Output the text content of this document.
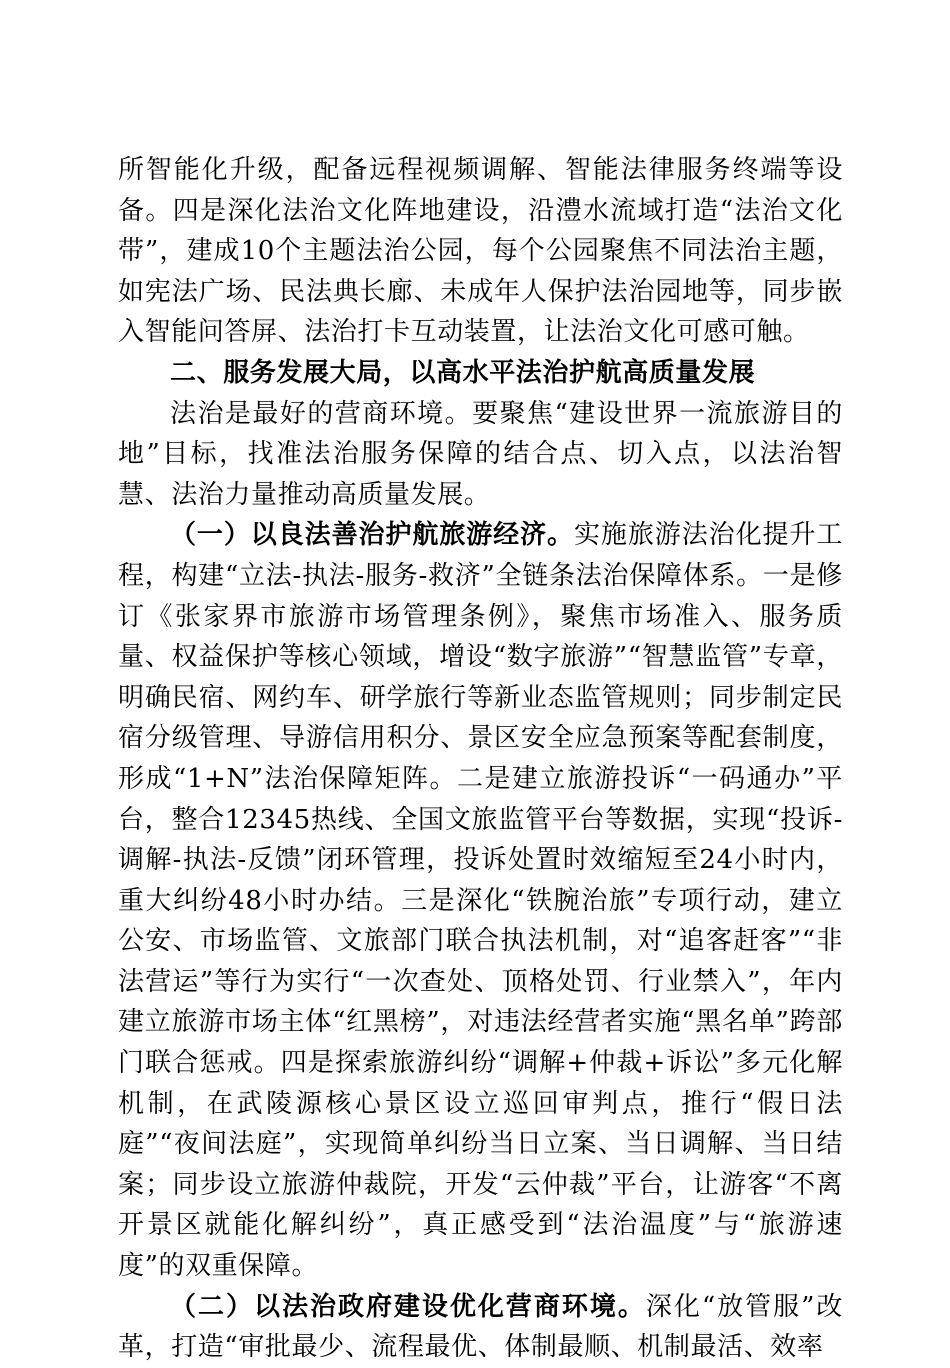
所智能化升级，配备远程视频调解、智能法律服务终端等设备。四是深化法治文化阵地建设，沿澧水流域打造“法治文化带”，建成10个主题法治公园，每个公园聚焦不同法治主题，如宪法广场、民法典长廊、未成年人保护法治园地等，同步嵌入智能问答屏、法治打卡互动装置，让法治文化可感可触。

二、服务发展大局，以高水平法治护航高质量发展

法治是最好的营商环境。要聚焦“建设世界一流旅游目的地”目标，找准法治服务保障的结合点、切入点，以法治智慧、法治力量推动高质量发展。

（一）以良法善治护航旅游经济。实施旅游法治化提升工程，构建“立法-执法-服务-救济”全链条法治保障体系。一是修订《张家界市旅游市场管理条例》，聚焦市场准入、服务质量、权益保护等核心领域，增设“数字旅游”“智慧监管”专章，明确民宿、网约车、研学旅行等新业态监管规则；同步制定民宿分级管理、导游信用积分、景区安全应急预案等配套制度，形成“1+N”法治保障矩阵。二是建立旅游投诉“一码通办”平台，整合12345热线、全国文旅监管平台等数据，实现“投诉-调解-执法-反馈”闭环管理，投诉处置时效缩短至24小时内，重大纠纷48小时办结。三是深化“铁腕治旅”专项行动，建立公安、市场监管、文旅部门联合执法机制，对“追客赶客”“非法营运”等行为实行“一次查处、顶格处罚、行业禁入”，年内建立旅游市场主体“红黑榜”，对违法经营者实施“黑名单”跨部门联合惩戒。四是探索旅游纠纷“调解+仲裁+诉讼”多元化解机制，在武陵源核心景区设立巡回审判点，推行“假日法庭”“夜间法庭”，实现简单纠纷当日立案、当日调解、当日结案；同步设立旅游仲裁院，开发“云仲裁”平台，让游客“不离开景区就能化解纠纷”，真正感受到“法治温度”与“旅游速度”的双重保障。

（二）以法治政府建设优化营商环境。深化“放管服”改革，打造“审批最少、流程最优、体制最顺、机制最活、效率
